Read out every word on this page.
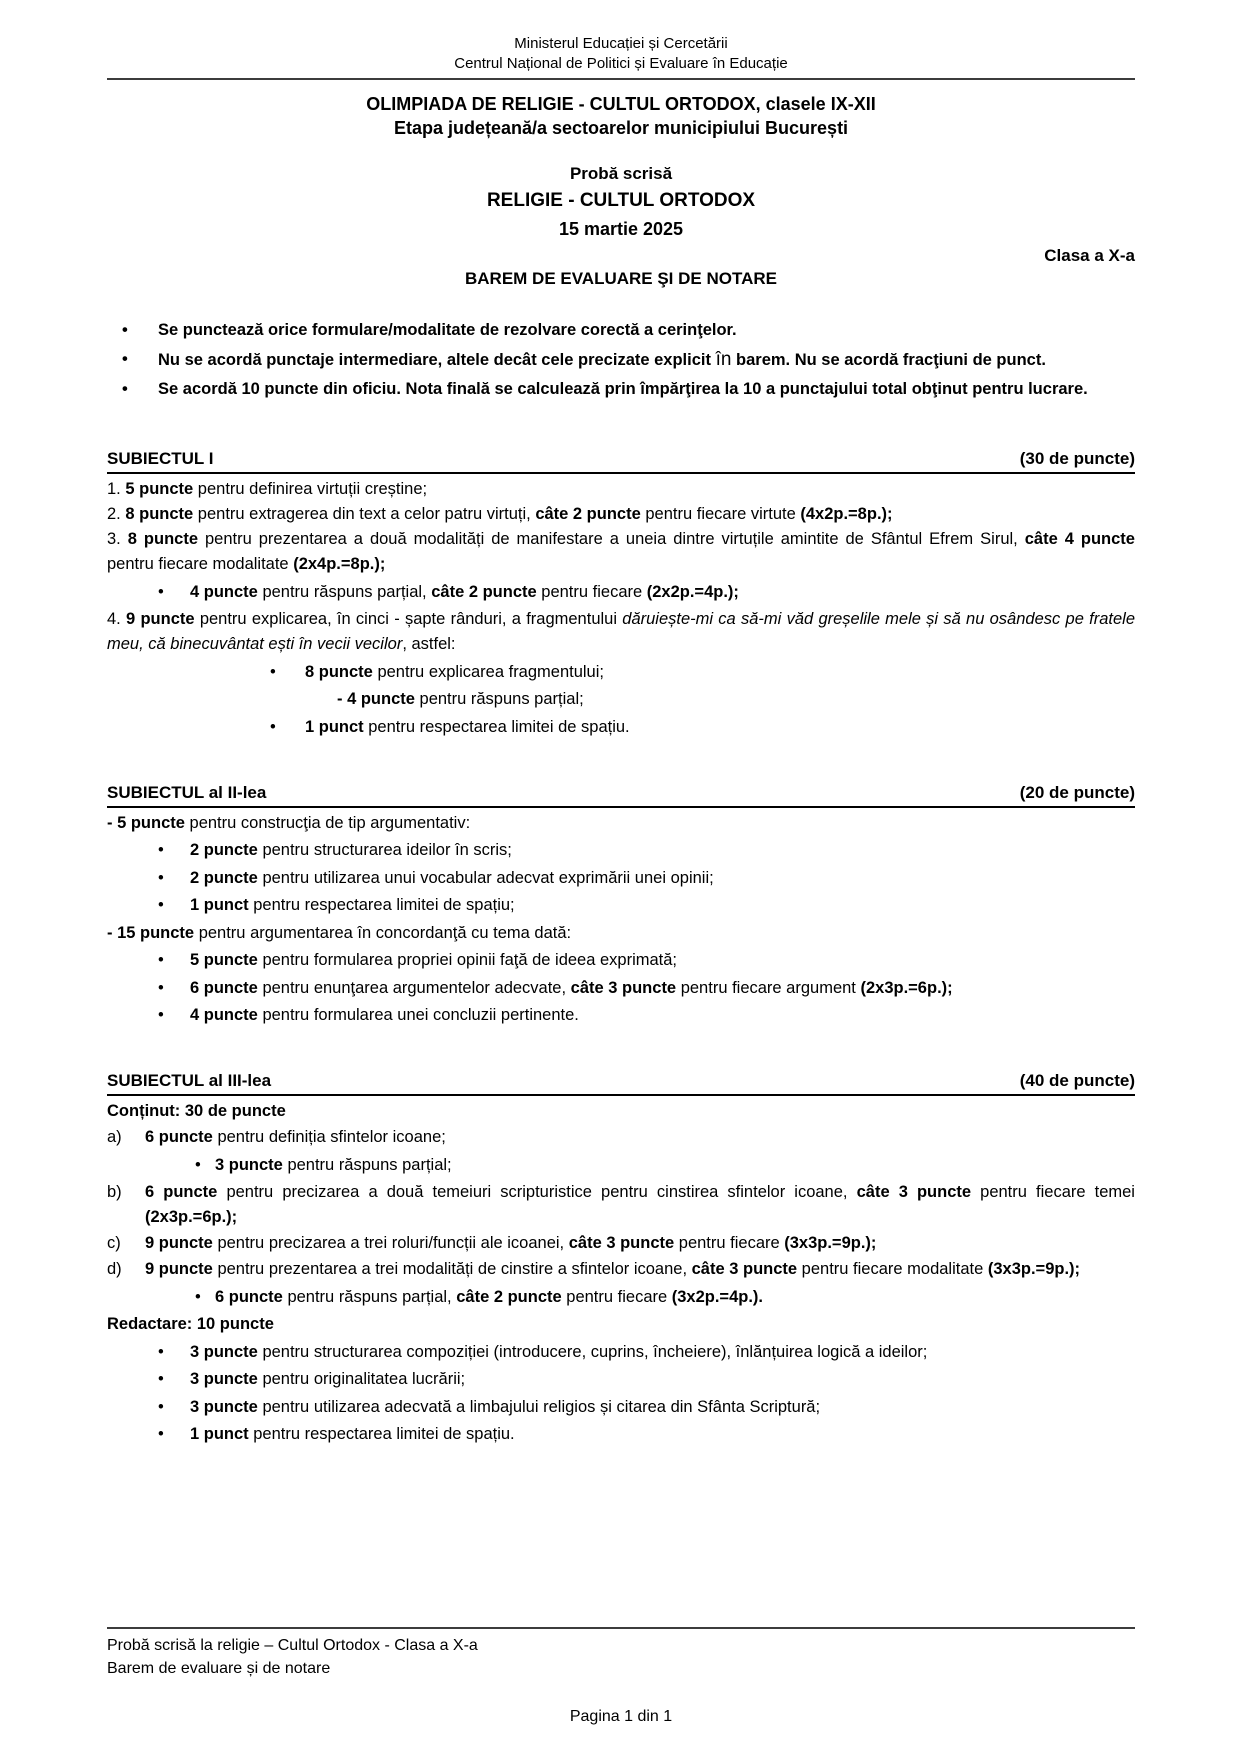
Ministerul Educației și Cercetării
Centrul Național de Politici și Evaluare în Educație
OLIMPIADA DE RELIGIE - CULTUL ORTODOX, clasele IX-XII
Etapa județeană/a sectoarelor municipiului București
Probă scrisă
RELIGIE - CULTUL ORTODOX
15 martie 2025
Clasa a X-a
BAREM DE EVALUARE ŞI DE NOTARE
• Se punctează orice formulare/modalitate de rezolvare corectă a cerinţelor.
• Nu se acordă punctaje intermediare, altele decât cele precizate explicit în barem. Nu se acordă fracţiuni de punct.
• Se acordă 10 puncte din oficiu. Nota finală se calculează prin împărţirea la 10 a punctajului total obţinut pentru lucrare.
SUBIECTUL I	(30 de puncte)
1. 5 puncte pentru definirea virtuții creștine;
2. 8 puncte pentru extragerea din text a celor patru virtuți, câte 2 puncte pentru fiecare virtute (4x2p.=8p.);
3. 8 puncte pentru prezentarea a două modalități de manifestare a uneia dintre virtuțile amintite de Sfântul Efrem Sirul, câte 4 puncte pentru fiecare modalitate (2x4p.=8p.);
• 4 puncte pentru răspuns parțial, câte 2 puncte pentru fiecare (2x2p.=4p.);
4. 9 puncte pentru explicarea, în cinci - șapte rânduri, a fragmentului dăruiește-mi ca să-mi văd greșelile mele și să nu osândesc pe fratele meu, că binecuvântat ești în vecii vecilor, astfel:
• 8 puncte pentru explicarea fragmentului;
- 4 puncte pentru răspuns parțial;
• 1 punct pentru respectarea limitei de spațiu.
SUBIECTUL al II-lea	(20 de puncte)
- 5 puncte pentru construcţia de tip argumentativ:
• 2 puncte pentru structurarea ideilor în scris;
• 2 puncte pentru utilizarea unui vocabular adecvat exprimării unei opinii;
• 1 punct pentru respectarea limitei de spațiu;
- 15 puncte pentru argumentarea în concordanţă cu tema dată:
• 5 puncte pentru formularea propriei opinii faţă de ideea exprimată;
• 6 puncte pentru enunţarea argumentelor adecvate, câte 3 puncte pentru fiecare argument (2x3p.=6p.);
• 4 puncte pentru formularea unei concluzii pertinente.
SUBIECTUL al III-lea	(40 de puncte)
Conținut: 30 de puncte
a) 6 puncte pentru definiția sfintelor icoane;
• 3 puncte pentru răspuns parțial;
b) 6 puncte pentru precizarea a două temeiuri scripturistice pentru cinstirea sfintelor icoane, câte 3 puncte pentru fiecare temei (2x3p.=6p.);
c) 9 puncte pentru precizarea a trei roluri/funcții ale icoanei, câte 3 puncte pentru fiecare (3x3p.=9p.);
d) 9 puncte pentru prezentarea a trei modalități de cinstire a sfintelor icoane, câte 3 puncte pentru fiecare modalitate (3x3p.=9p.);
• 6 puncte pentru răspuns parțial, câte 2 puncte pentru fiecare (3x2p.=4p.).
Redactare: 10 puncte
• 3 puncte pentru structurarea compoziției (introducere, cuprins, încheiere), înlănțuirea logică a ideilor;
• 3 puncte pentru originalitatea lucrării;
• 3 puncte pentru utilizarea adecvată a limbajului religios și citarea din Sfânta Scriptură;
• 1 punct pentru respectarea limitei de spațiu.
Probă scrisă la religie – Cultul Ortodox - Clasa a X-a
Barem de evaluare și de notare
Pagina 1 din 1
